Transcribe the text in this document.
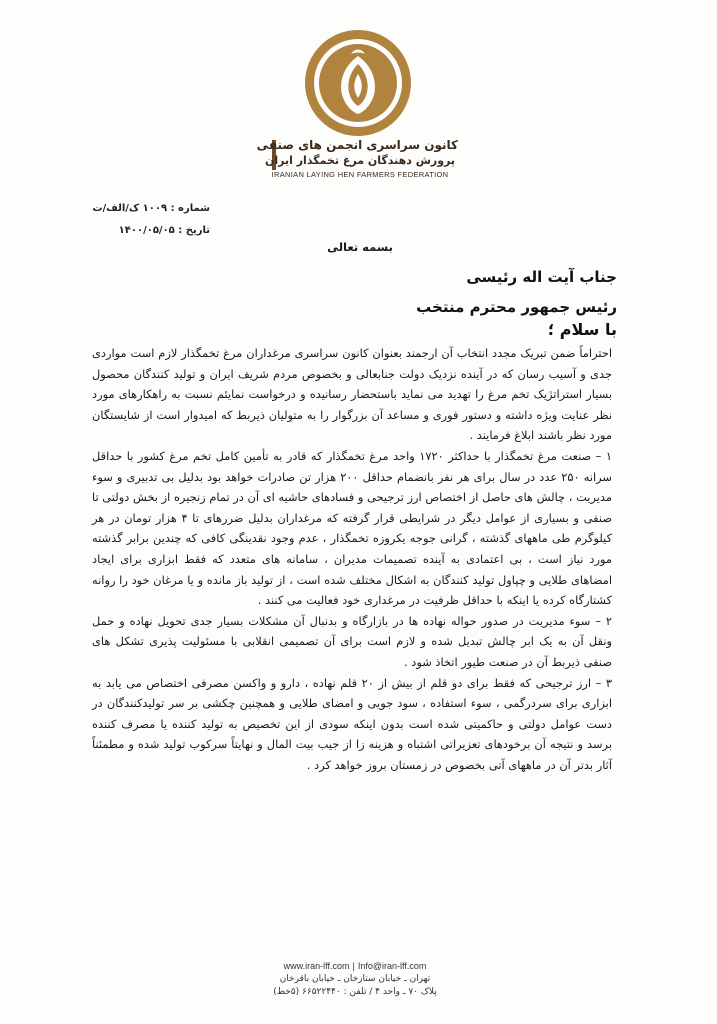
کانون سراسری انجمن های صنفی
پرورش دهندگان مرغ تخمگذار ایران
IRANIAN LAYING HEN FARMERS FEDERATION
شماره : ۱۰۰۹ ک/الف/ت
تاریخ : ۱۴۰۰/۰۵/۰۵
بسمه تعالی
جناب آیت اله رئیسی
رئیس جمهور محترم منتخب
با سلام ؛

احتراماً ضمن تبریک مجدد انتخاب آن ارجمند بعنوان کانون سراسری مرغداران مرغ تخمگذار لازم است مواردی جدی و آسیب رسان که در آینده نزدیک دولت جنابعالی و بخصوص مردم شریف ایران و تولید کنندگان محصول بسیار استراتژیک تخم مرغ را تهدید می نماید باستحضار رسانیده و درخواست نمایئم نسبت به راهکارهای مورد نظر عنایت ویژه داشته و دستور فوری و مساعد آن بزرگوار را به متولیان ذیربط که امیدوار است از شایستگان مورد نظر باشند ابلاغ فرمایند .

۱ – صنعت مرغ تخمگذار با حداکثر ۱۷۲۰ واحد مرغ تخمگذار که قادر به تأمین کامل تخم مرغ کشور با حداقل سرانه ۲۵۰ عدد در سال برای هر نفر بانضمام حداقل ۲۰۰ هزار تن صادرات خواهد بود بدلیل بی تدبیری و سوء مدیریت ، چالش های حاصل از اختصاص ارز ترجیحی و فسادهای حاشیه ای آن در تمام زنجیره از بخش دولتی تا صنفی و بسیاری از عوامل دیگر در شرایطی قرار گرفته که مرغداران بدلیل ضررهای تا ۴ هزار تومان در هر کیلوگرم طی ماههای گذشته ، گرانی جوجه یکروزه تخمگذار ، عدم وجود نقدینگی کافی که چندین برابر گذشته مورد نیاز است ، بی اعتمادی به آینده تصمیمات مدیران ، سامانه های متعدد که فقط ابزاری برای ایجاد امضاهای طلایی و چپاول تولید کنندگان به اشکال مختلف شده است ، از تولید باز مانده و یا مرغان خود را روانه کشتارگاه کرده یا اینکه با حداقل ظرفیت در مرغداری خود فعالیت می کنند .

۲ – سوء مدیریت در صدور حواله نهاده ها در بازارگاه و بدنبال آن مشکلات بسیار جدی تحویل نهاده و حمل ونقل آن به یک ابر چالش تبدیل شده و لازم است برای آن تصمیمی انقلابی با مسئولیت پذیری تشکل های صنفی ذیربط آن در صنعت طیور اتخاذ شود .

۳ – ارز ترجیحی که فقط برای دو قلم از بیش از ۲۰ قلم نهاده ، دارو و واکسن مصرفی اختصاص می یابد به ابزاری برای سردرگمی ، سوء استفاده ، سود جویی و امضای طلایی و همچنین چکشی بر سر تولیدکنندگان در دست عوامل دولتی و حاکمیتی شده است بدون اینکه سودی از این تخصیص به تولید کننده یا مصرف کننده برسد و نتیجه آن برخودهای تعزیراتی اشتباه و هزینه زا از جیب بیت المال و نهایتاً سرکوب تولید شده و مطمئناً آثار بدتر آن در ماههای آتی بخصوص در زمستان بروز خواهد کرد .

www.iran-lff.com | Info@iran-lff.com
تهران ـ خیابان ستارخان ـ خیابان باقرخان
پلاک ۷۰ ـ واحد ۴ / تلفن : ۶۶۵۲۲۴۴۰ (۵خط)
